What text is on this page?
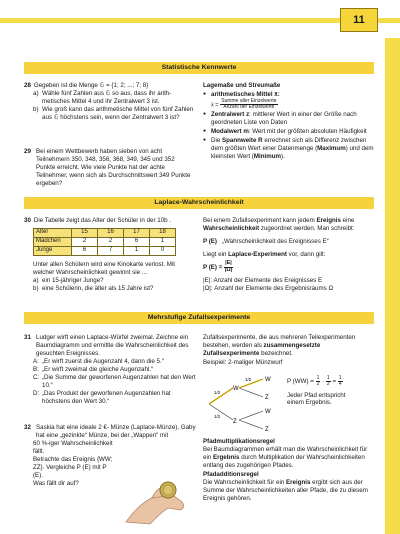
11
Statistische Kennwerte
28 Gegeben ist die Menge 𝔾 = {1; 2; ...; 7; 8}
a) Wähle fünf Zahlen aus 𝔾 so aus, dass ihr arithmetisches Mittel 4 und ihr Zentralwert 3 ist.
b) Wie groß kann das arithmetische Mittel von fünf Zahlen aus 𝔾 höchstens sein, wenn der Zentralwert 3 ist?
29 Bei einem Wettbewerb haben sieben von acht Teilnehmern 350, 348, 356, 368, 349, 345 und 352 Punkte erreicht. Wie viele Punkte hat der achte Teilnehmer, wenn sich als Durchschnittswert 349 Punkte ergeben?
Lagemaße und Streumaße
● arithmetisches Mittel x̄:
x̄ = $\frac{\text{Summe aller Einzelwerte}}{\text{Anzahl der Einzelwerte}}$
● Zentralwert z: mittlerer Wert in einer der Größe nach geordneten Liste von Daten
● Modalwert m: Wert mit der größten absoluten Häufigkeit
● Die Spannweite R errechnet sich als Differenz zwischen dem größten Wert einer Datenmenge (Maximum) und dem kleinsten Wert (Minimum).
Laplace-Wahrscheinlichkeit
30 Die Tabelle zeigt das Alter der Schüler in der 10b .
Alter	15	16	17	18
Mädchen	2	2	6	1
Junge	6	7	1	0
Unter allen Schülern wird eine Kinokarte verlost. Mit welcher Wahrscheinlichkeit gewinnt sie ...
a) ein 15-jähriger Junge?
b) eine Schülerin, die älter als 15 Jahre ist?
Bei einem Zufallsexperiment kann jedem Ereignis eine Wahrscheinlichkeit zugeordnet werden. Man schreibt:
P (E) „Wahrscheinlichkeit des Ereignisses E“
Liegt ein Laplace-Experiment vor, dann gilt:
P $(E) = \frac{|E|}{|\Omega|}$
|E|: Anzahl der Elemente des Ereignisses E
|Ω|: Anzahl der Elemente des Ergebnisraums Ω
Mehrstufige Zufallsexperimente
31 Ludger wirft einen Laplace-Würfel zweimal. Zeichne ein Baumdiagramm und ermittle die Wahrscheinlichkeit des gesuchten Ereignisses.
A: „Er wirft zuerst die Augenzahl 4, dann die 5.“
B: „Er wirft zweimal die gleiche Augenzahl.“
C: „Die Summe der geworfenen Augenzahlen hat den Wert 10.“
D: „Das Produkt der geworfenen Augenzahlen hat höchstens den Wert 30.“
32 Saskia hat eine ideale 2 €- Münze (Laplace-Münze), Gaby hat eine „gezinkte“ Münze, bei der „Wappen“ mit
60 %-iger Wahrscheinlichkeit fällt.
Betrachte das Ereignis {WW; ZZ}. Vergleiche P (E) mit P (E).
Was fällt dir auf?
Zufallsexperimente, die aus mehreren Teilexperimenten bestehen, werden als zusammengesetzte Zufallsexperimente bezeichnet.
Beispiel: 2-maliger Münzwurf
W
Z
W
Z
W
Z
1/2
1/2
1/2	P (WW) =
$\frac{1}{2}$
·
$\frac{1}{2}$
=
$\frac{1}{4}$
Jeder Pfad entspricht einem Ergebnis.
Pfadmultiplikationsregel
Bei Baumdiagrammen erhält man die Wahrscheinlichkeit für ein Ergebnis durch Multiplikation der Wahrscheinlichkeiten entlang des zugehörigen Pfades.
Pfadadditionsregel
Die Wahrscheinlichkeit für ein Ereignis ergibt sich aus der Summe der Wahrscheinlichkeiten aller Pfade, die zu diesem Ereignis gehören.
